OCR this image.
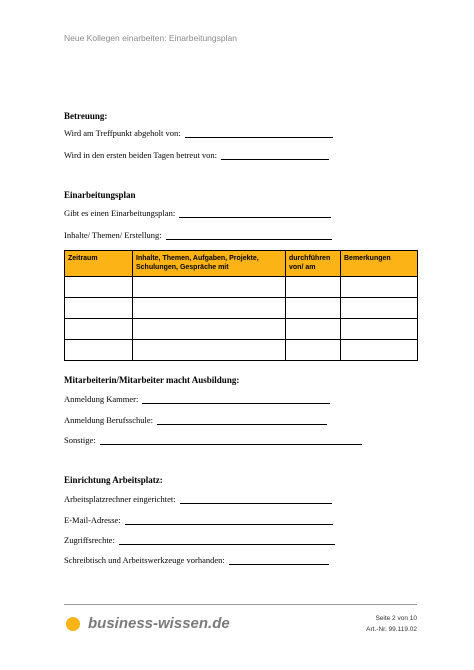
Neue Kollegen einarbeiten: Einarbeitungsplan
Betreuung:
Wird am Treffpunkt abgeholt von:
Wird in den ersten beiden Tagen betreut von:
Einarbeitungsplan
Gibt es einen Einarbeitungsplan:
Inhalte/ Themen/ Erstellung:
Zeitraum	Inhalte, Themen, Aufgaben, Projekte, Schulungen, Gespräche mit	durchführen von/ am	Bemerkungen

Mitarbeiterin/Mitarbeiter macht Ausbildung:
Anmeldung Kammer:
Anmeldung Berufsschule:
Sonstige:
Einrichtung Arbeitsplatz:
Arbeitsplatzrechner eingerichtet:
E-Mail-Adresse:
Zugriffsrechte:
Schreibtisch und Arbeitswerkzeuge vorhanden:
business-wissen.de	Seite 2 von 10
Art.-Nr. 99.119.02
